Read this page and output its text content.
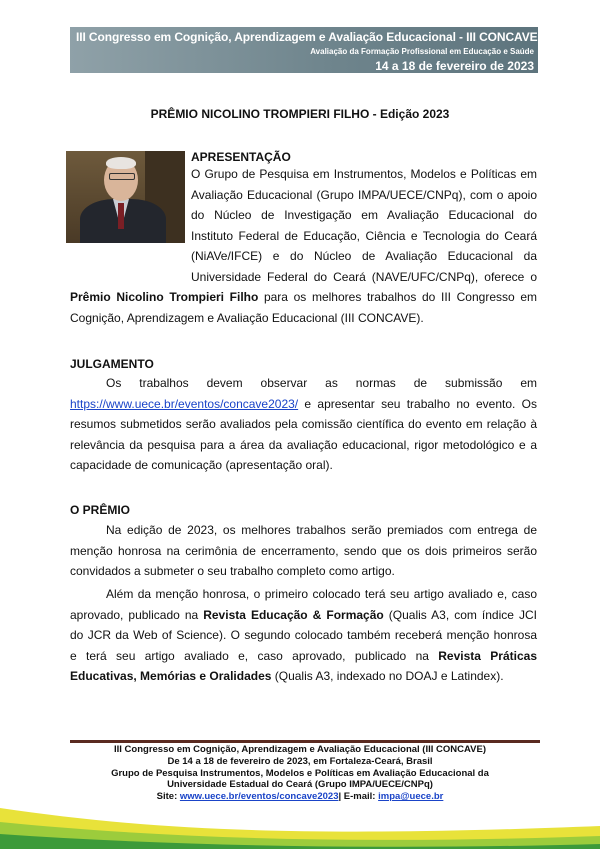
III Congresso em Cognição, Aprendizagem e Avaliação Educacional - III CONCAVE
Avaliação da Formação Profissional em Educação e Saúde
14 a 18 de fevereiro de 2023
PRÊMIO NICOLINO TROMPIERI FILHO - Edição 2023
APRESENTAÇÃO
O Grupo de Pesquisa em Instrumentos, Modelos e Políticas em
Avaliação Educacional (Grupo IMPA/UECE/CNPq), com o apoio
do Núcleo de Investigação em Avaliação Educacional do
Instituto Federal de Educação, Ciência e Tecnologia do Ceará
(NiAVe/IFCE) e do Núcleo de Avaliação Educacional da
Universidade Federal do Ceará (NAVE/UFC/CNPq), oferece o
Prêmio Nicolino Trompieri Filho para os melhores trabalhos do III Congresso em
Cognição, Aprendizagem e Avaliação Educacional (III CONCAVE).
JULGAMENTO
Os trabalhos devem observar as normas de submissão em
https://www.uece.br/eventos/concave2023/ e apresentar seu trabalho no evento. Os
resumos submetidos serão avaliados pela comissão científica do evento em relação à
relevância da pesquisa para a área da avaliação educacional, rigor metodológico e a
capacidade de comunicação (apresentação oral).
O PRÊMIO
Na edição de 2023, os melhores trabalhos serão premiados com entrega de
menção honrosa na cerimônia de encerramento, sendo que os dois primeiros serão
convidados a submeter o seu trabalho completo como artigo.
Além da menção honrosa, o primeiro colocado terá seu artigo avaliado e, caso
aprovado, publicado na Revista Educação & Formação (Qualis A3, com índice JCI
do JCR da Web of Science). O segundo colocado também receberá menção honrosa
e terá seu artigo avaliado e, caso aprovado, publicado na Revista Práticas
Educativas, Memórias e Oralidades (Qualis A3, indexado no DOAJ e Latindex).
III Congresso em Cognição, Aprendizagem e Avaliação Educacional (III CONCAVE)
De 14 a 18 de fevereiro de 2023, em Fortaleza-Ceará, Brasil
Grupo de Pesquisa Instrumentos, Modelos e Políticas em Avaliação Educacional da
Universidade Estadual do Ceará (Grupo IMPA/UECE/CNPq)
Site: www.uece.br/eventos/concave2023| E-mail: impa@uece.br
